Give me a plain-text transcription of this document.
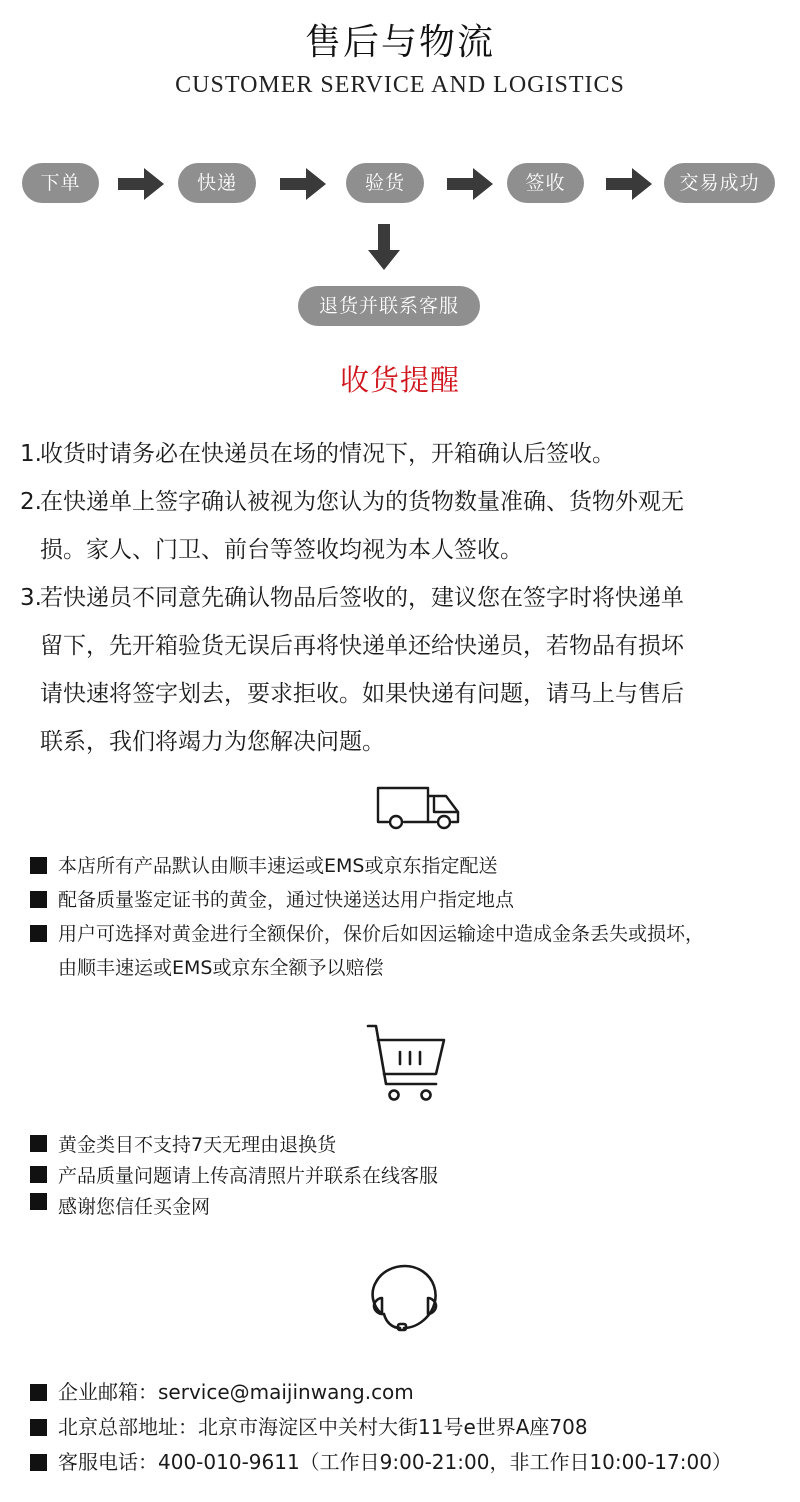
售后与物流
CUSTOMER SERVICE AND LOGISTICS
下单	快递	验货	签收	交易成功
退货并联系客服
收货提醒
1.
收货时请务必在快递员在场的情况下，开箱确认后签收。
2.
在快递单上签字确认被视为您认为的货物数量准确、货物外观无
损。家人、门卫、前台等签收均视为本人签收。
3.
若快递员不同意先确认物品后签收的，建议您在签字时将快递单
留下，先开箱验货无误后再将快递单还给快递员，若物品有损坏
请快速将签字划去，要求拒收。如果快递有问题，请马上与售后
联系，我们将竭力为您解决问题。
本店所有产品默认由顺丰速运或EMS或京东指定配送
配备质量鉴定证书的黄金，通过快递送达用户指定地点
用户可选择对黄金进行全额保价，保价后如因运输途中造成金条丢失或损坏，
由顺丰速运或EMS或京东全额予以赔偿
黄金类目不支持7天无理由退换货
产品质量问题请上传高清照片并联系在线客服
感谢您信任买金网
企业邮箱：service@maijinwang.com
北京总部地址：北京市海淀区中关村大街11号e世界A座708
客服电话：400-010-9611（工作日9:00-21:00，非工作日10:00-17:00）
